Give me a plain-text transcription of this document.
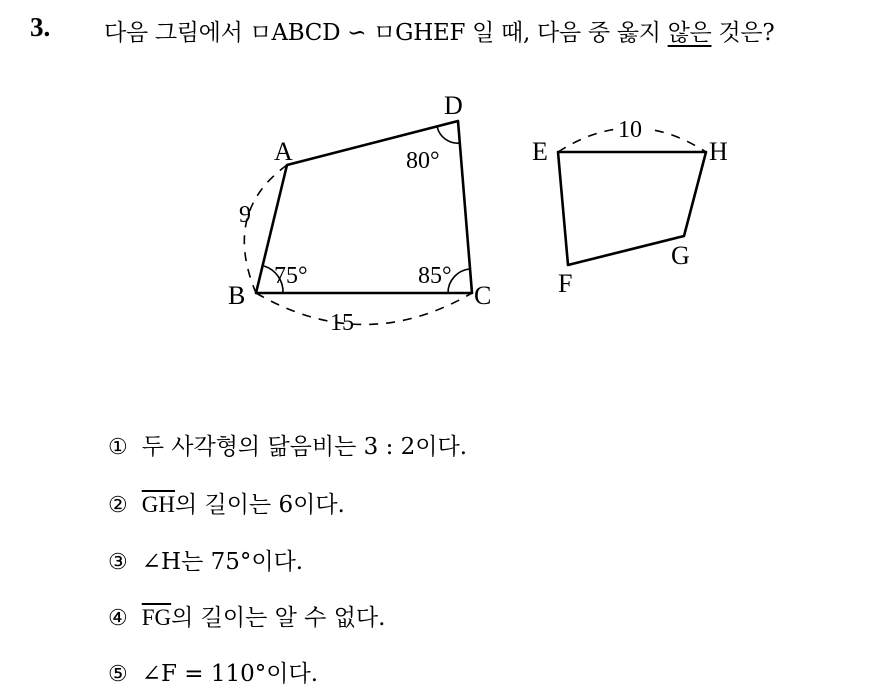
3. 다음 그림에서 ㅁABCD ∽ ㅁGHEF 일 때, 다음 중 옳지 않은 것은?
A
D
B	C
80°
75°	85°
9
15
E	H
G
F
10
① 두 사각형의 닮음비는 3 : 2이다.
② $\overline{GH}$의 길이는 6이다.
③ ∠H는 75°이다.
④ $\overline{FG}$의 길이는 알 수 없다.
⑤ ∠F = 110°이다.
